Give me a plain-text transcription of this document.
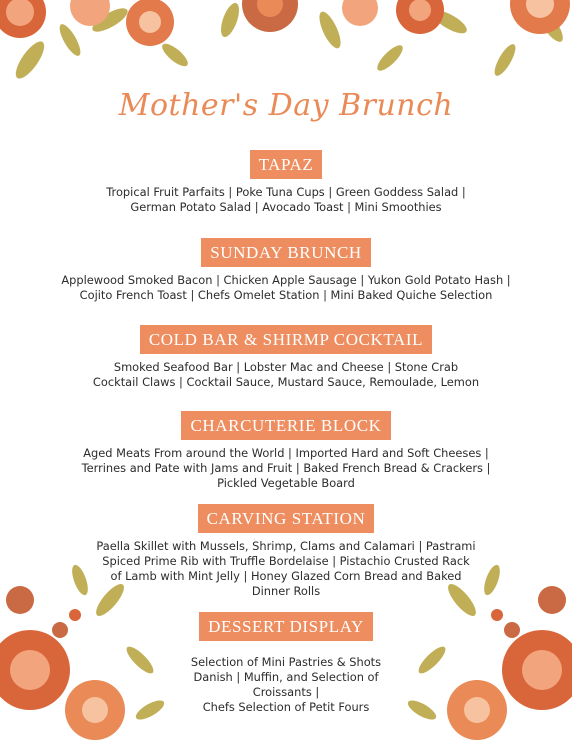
Mother's Day Brunch
TAPAZ
Tropical Fruit Parfaits | Poke Tuna Cups | Green Goddess Salad |
German Potato Salad | Avocado Toast | Mini Smoothies
SUNDAY BRUNCH
Applewood Smoked Bacon | Chicken Apple Sausage | Yukon Gold Potato Hash |
Cojito French Toast | Chefs Omelet Station | Mini Baked Quiche Selection
COLD BAR & SHIRMP COCKTAIL
Smoked Seafood Bar | Lobster Mac and Cheese | Stone Crab
Cocktail Claws | Cocktail Sauce, Mustard Sauce, Remoulade, Lemon
CHARCUTERIE BLOCK
Aged Meats From around the World | Imported Hard and Soft Cheeses |
Terrines and Pate with Jams and Fruit | Baked French Bread & Crackers |
Pickled Vegetable Board
CARVING STATION
Paella Skillet with Mussels, Shrimp, Clams and Calamari | Pastrami
Spiced Prime Rib with Truffle Bordelaise | Pistachio Crusted Rack
of Lamb with Mint Jelly | Honey Glazed Corn Bread and Baked
Dinner Rolls
DESSERT DISPLAY
Selection of Mini Pastries & Shots
Danish | Muffin, and Selection of
Croissants |
Chefs Selection of Petit Fours
